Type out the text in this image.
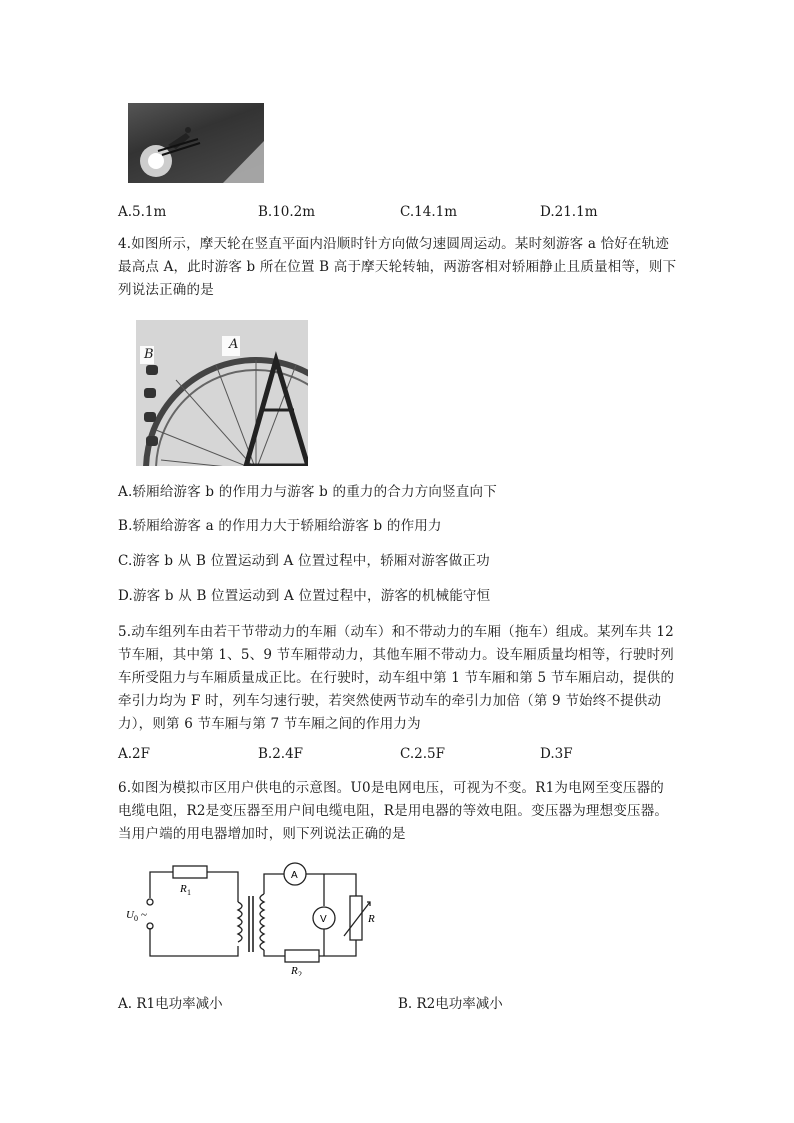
A.5.1m	B.10.2m	C.14.1m	D.21.1m
4.如图所示，摩天轮在竖直平面内沿顺时针方向做匀速圆周运动。某时刻游客 a 恰好在轨迹
最高点 A，此时游客 b 所在位置 B 高于摩天轮转轴，两游客相对轿厢静止且质量相等，则下
列说法正确的是
A
B
A.轿厢给游客 b 的作用力与游客 b 的重力的合力方向竖直向下
B.轿厢给游客 a 的作用力大于轿厢给游客 b 的作用力
C.游客 b 从 B 位置运动到 A 位置过程中，轿厢对游客做正功
D.游客 b 从 B 位置运动到 A 位置过程中，游客的机械能守恒
5.动车组列车由若干节带动力的车厢（动车）和不带动力的车厢（拖车）组成。某列车共 12
节车厢，其中第 1、5、9 节车厢带动力，其他车厢不带动力。设车厢质量均相等，行驶时列
车所受阻力与车厢质量成正比。在行驶时，动车组中第 1 节车厢和第 5 节车厢启动，提供的
牵引力均为 F 时，列车匀速行驶，若突然使两节动车的牵引力加倍（第 9 节始终不提供动
力），则第 6 节车厢与第 7 节车厢之间的作用力为
A.2F	B.2.4F	C.2.5F	D.3F
6.如图为模拟市区用户供电的示意图。U0是电网电压，可视为不变。R1为电网至变压器的
电缆电阻，R2是变压器至用户间电缆电阻，R是用电器的等效电阻。变压器为理想变压器。
当用户端的用电器增加时，则下列说法正确的是
R 1
R 2
R
U 0 ~
A
V
A. R1电功率减小	B. R2电功率减小
